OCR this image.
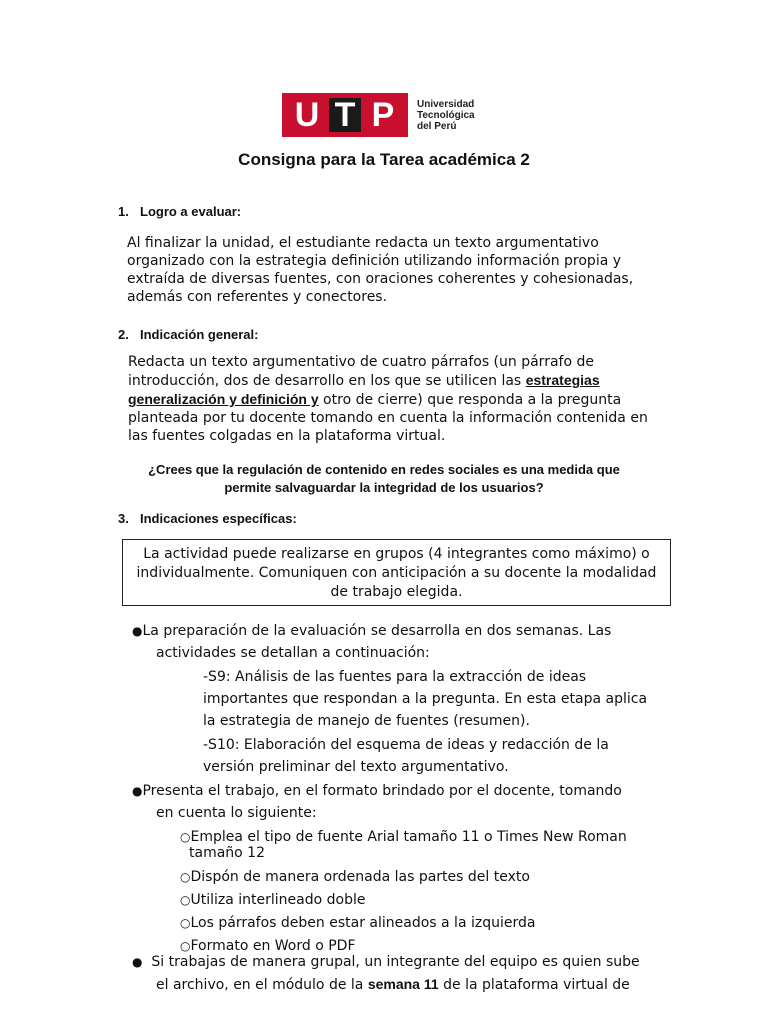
U T P	Universidad
Tecnológica
del Perú
Consigna para la Tarea académica 2
1. Logro a evaluar:
Al finalizar la unidad, el estudiante redacta un texto argumentativo
organizado con la estrategia definición utilizando información propia y
extraída de diversas fuentes, con oraciones coherentes y cohesionadas,
además con referentes y conectores.
2. Indicación general:
Redacta un texto argumentativo de cuatro párrafos (un párrafo de
introducción, dos de desarrollo en los que se utilicen las estrategias
generalización y definición y otro de cierre) que responda a la pregunta
planteada por tu docente tomando en cuenta la información contenida en
las fuentes colgadas en la plataforma virtual.
¿Crees que la regulación de contenido en redes sociales es una medida que
permite salvaguardar la integridad de los usuarios?
3. Indicaciones específicas:
La actividad puede realizarse en grupos (4 integrantes como máximo) o
individualmente. Comuniquen con anticipación a su docente la modalidad
de trabajo elegida.
●La preparación de la evaluación se desarrolla en dos semanas. Las
actividades se detallan a continuación:
-S9: Análisis de las fuentes para la extracción de ideas
importantes que respondan a la pregunta. En esta etapa aplica
la estrategia de manejo de fuentes (resumen).
-S10: Elaboración del esquema de ideas y redacción de la
versión preliminar del texto argumentativo.
●Presenta el trabajo, en el formato brindado por el docente, tomando
en cuenta lo siguiente:
○Emplea el tipo de fuente Arial tamaño 11 o Times New Roman
tamaño 12
○Dispón de manera ordenada las partes del texto
○Utiliza interlineado doble
○Los párrafos deben estar alineados a la izquierda
○Formato en Word o PDF
● Si trabajas de manera grupal, un integrante del equipo es quien sube
el archivo, en el módulo de la semana 11 de la plataforma virtual de
